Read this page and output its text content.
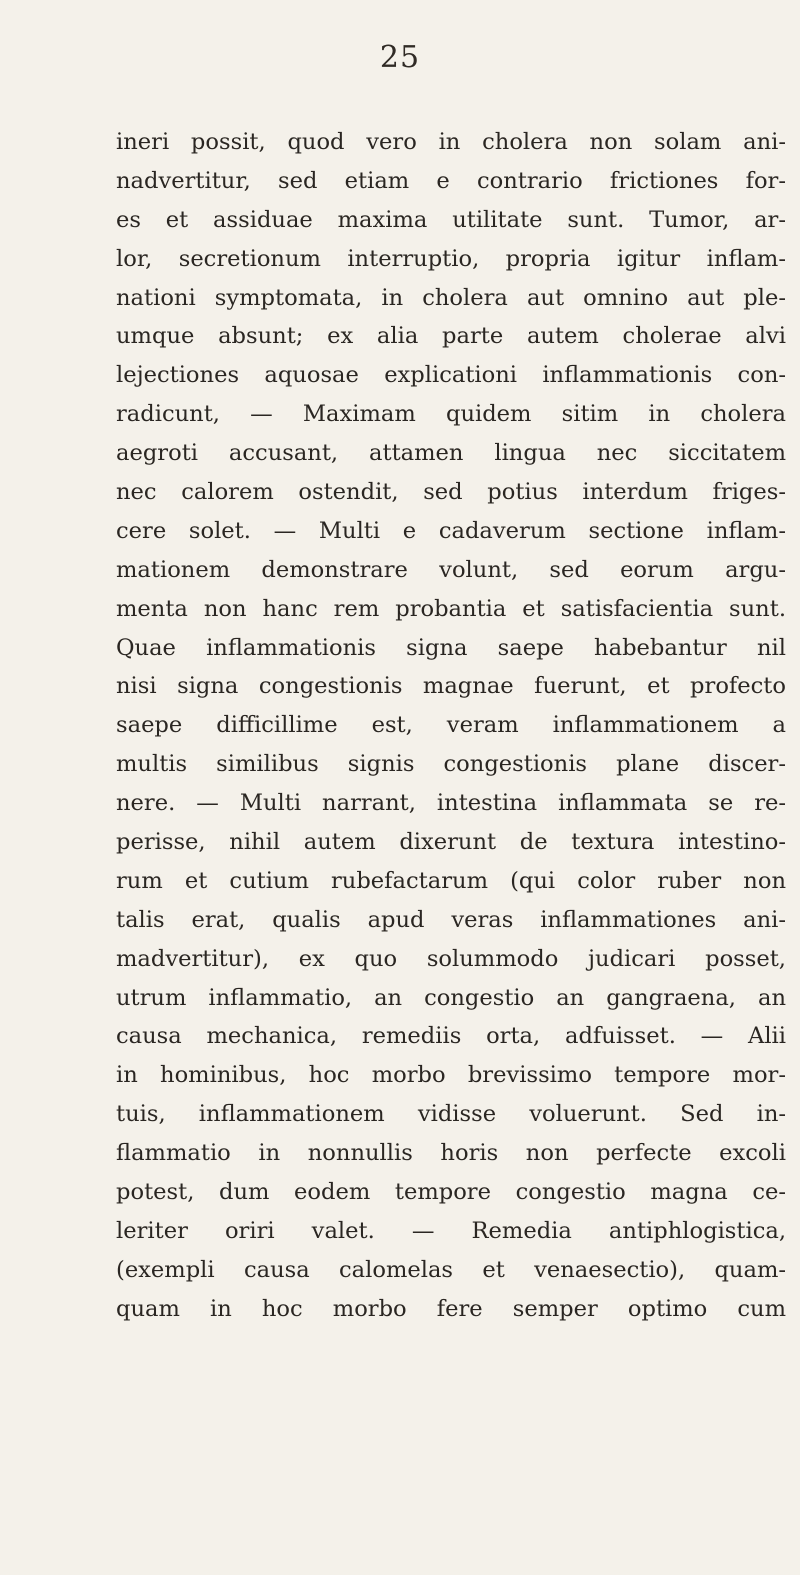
25
ineri possit, quod vero in cholera non solam ani-
nadvertitur, sed etiam e contrario frictiones for-
es et assiduae maxima utilitate sunt. Tumor, ar-
lor, secretionum interruptio, propria igitur inflam-
nationi symptomata, in cholera aut omnino aut ple-
umque absunt; ex alia parte autem cholerae alvi
lejectiones aquosae explicationi inflammationis con-
radicunt, — Maximam quidem sitim in cholera
aegroti accusant, attamen lingua nec siccitatem
nec calorem ostendit, sed potius interdum friges-
cere solet. — Multi e cadaverum sectione inflam-
mationem demonstrare volunt, sed eorum argu-
menta non hanc rem probantia et satisfacientia sunt.
Quae inflammationis signa saepe habebantur nil
nisi signa congestionis magnae fuerunt, et profecto
saepe difficillime est, veram inflammationem a
multis similibus signis congestionis plane discer-
nere. — Multi narrant, intestina inflammata se re-
perisse, nihil autem dixerunt de textura intestino-
rum et cutium rubefactarum (qui color ruber non
talis erat, qualis apud veras inflammationes ani-
madvertitur), ex quo solummodo judicari posset,
utrum inflammatio, an congestio an gangraena, an
causa mechanica, remediis orta, adfuisset. — Alii
in hominibus, hoc morbo brevissimo tempore mor-
tuis, inflammationem vidisse voluerunt. Sed in-
flammatio in nonnullis horis non perfecte excoli
potest, dum eodem tempore congestio magna ce-
leriter oriri valet. — Remedia antiphlogistica,
(exempli causa calomelas et venaesectio), quam-
quam in hoc morbo fere semper optimo cum
